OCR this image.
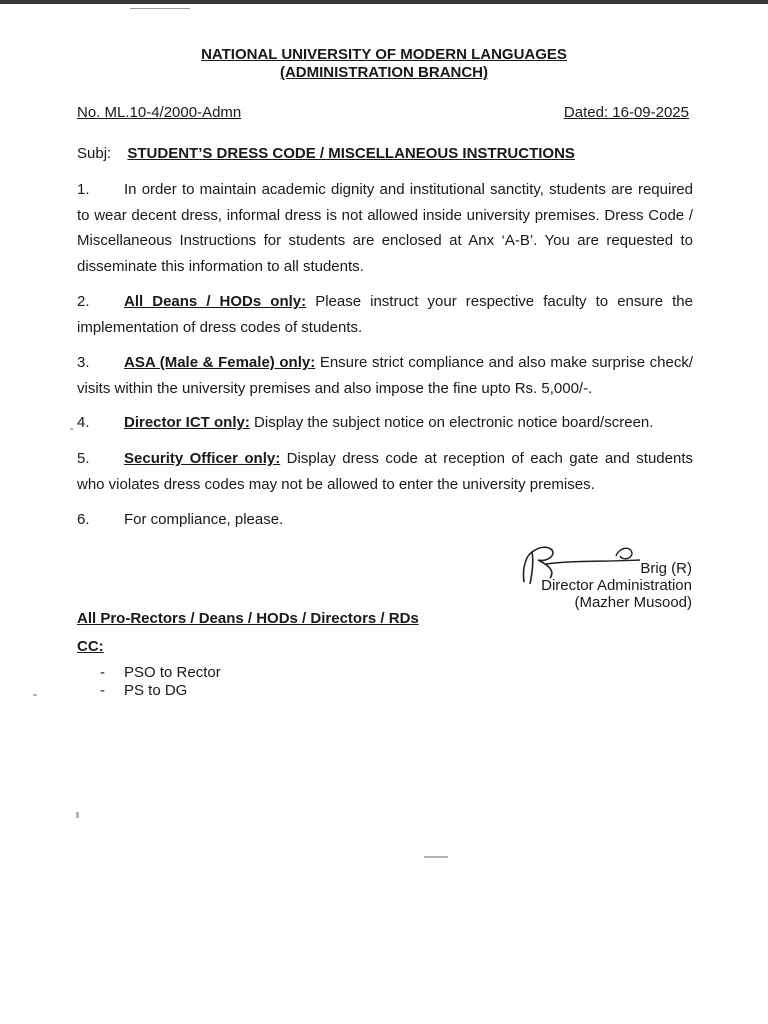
NATIONAL UNIVERSITY OF MODERN LANGUAGES
(ADMINISTRATION BRANCH)
No. ML.10-4/2000-Admn	Dated: 16-09-2025
Subj: STUDENT’S DRESS CODE / MISCELLANEOUS INSTRUCTIONS
1. In order to maintain academic dignity and institutional sanctity, students are required to wear decent dress, informal dress is not allowed inside university premises. Dress Code / Miscellaneous Instructions for students are enclosed at Anx ‘A-B’. You are requested to disseminate this information to all students.
2. All Deans / HODs only: Please instruct your respective faculty to ensure the implementation of dress codes of students.
3. ASA (Male & Female) only: Ensure strict compliance and also make surprise check/ visits within the university premises and also impose the fine upto Rs. 5,000/-.
4. Director ICT only: Display the subject notice on electronic notice board/screen.
5. Security Officer only: Display dress code at reception of each gate and students who violates dress codes may not be allowed to enter the university premises.
6. For compliance, please.
Brig (R)
Director Administration
(Mazher Musood)
All Pro-Rectors / Deans / HODs / Directors / RDs
CC:
- PSO to Rector
- PS to DG
